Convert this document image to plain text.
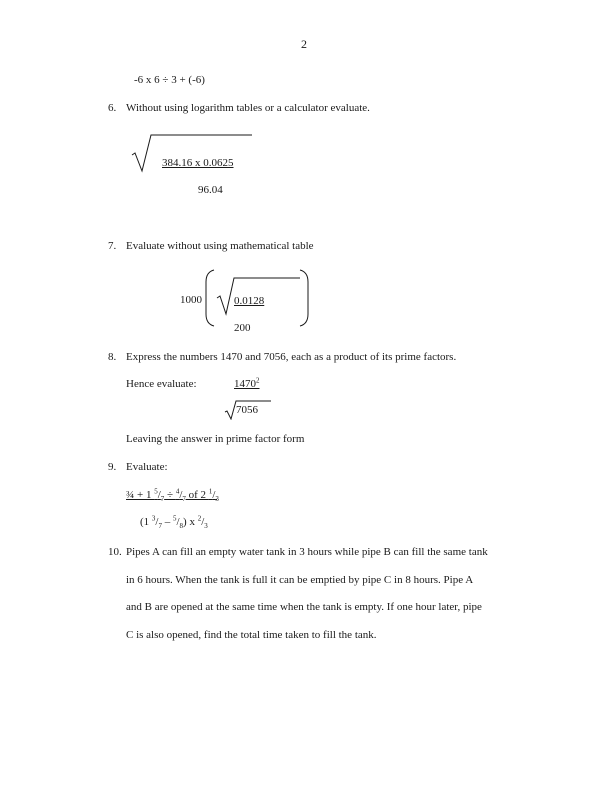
2
-6 x 6 ÷ 3 + (-6)
6. Without using logarithm tables or a calculator evaluate.
384.16 x 0.0625
96.04
7. Evaluate without using mathematical table
1000	0.0128
200
8. Express the numbers 1470 and 7056, each as a product of its prime factors.
Hence evaluate:	1470$^2$
7056
Leaving the answer in prime factor form
9. Evaluate:
¾ + 1 $^5/_7 \div ^4/_7$ of 2 $^1/_3$
(1 $^3/_7 - ^5/_8$) x $^2/_3$
10. Pipes A can fill an empty water tank in 3 hours while pipe B can fill the same tank
in 6 hours. When the tank is full it can be emptied by pipe C in 8 hours. Pipe A
and B are opened at the same time when the tank is empty. If one hour later, pipe
C is also opened, find the total time taken to fill the tank.
